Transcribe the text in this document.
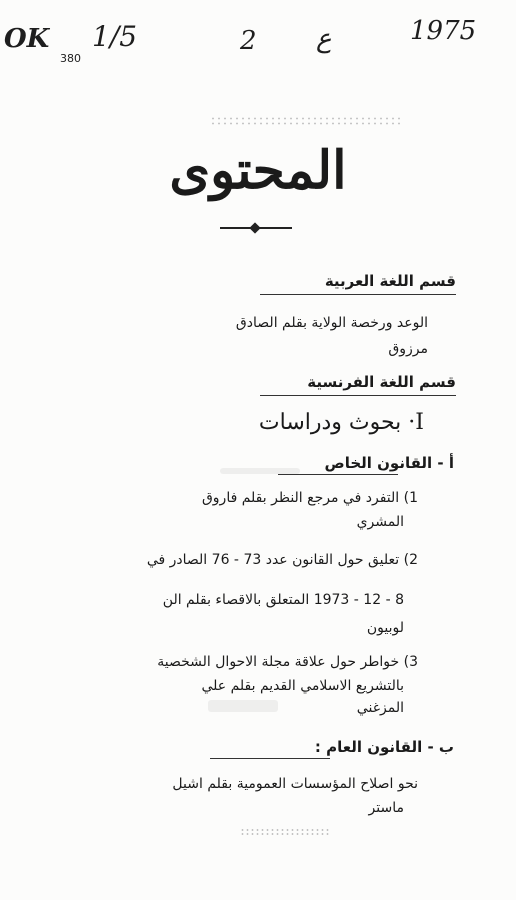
OK
380
1/5	2 ع	1975
المحتوى
قسم اللغة العربية
الوعد ورخصة الولاية بقلم الصادق
مرزوق
قسم اللغة الفرنسية
I· بحوث ودراسات
أ - القانون الخاص
1) التفرد في مرجع النظر بقلم فاروق
المشري
2) تعليق حول القانون عدد 73 - 76 الصادر في
8 - 12 - 1973 المتعلق بالاقصاء بقلم الن
لوبيون
3) خواطر حول علاقة مجلة الاحوال الشخصية
بالتشريع الاسلامي القديم بقلم علي
المزغني
ب - القانون العام :
نحو اصلاح المؤسسات العمومية بقلم اشيل
ماستر
